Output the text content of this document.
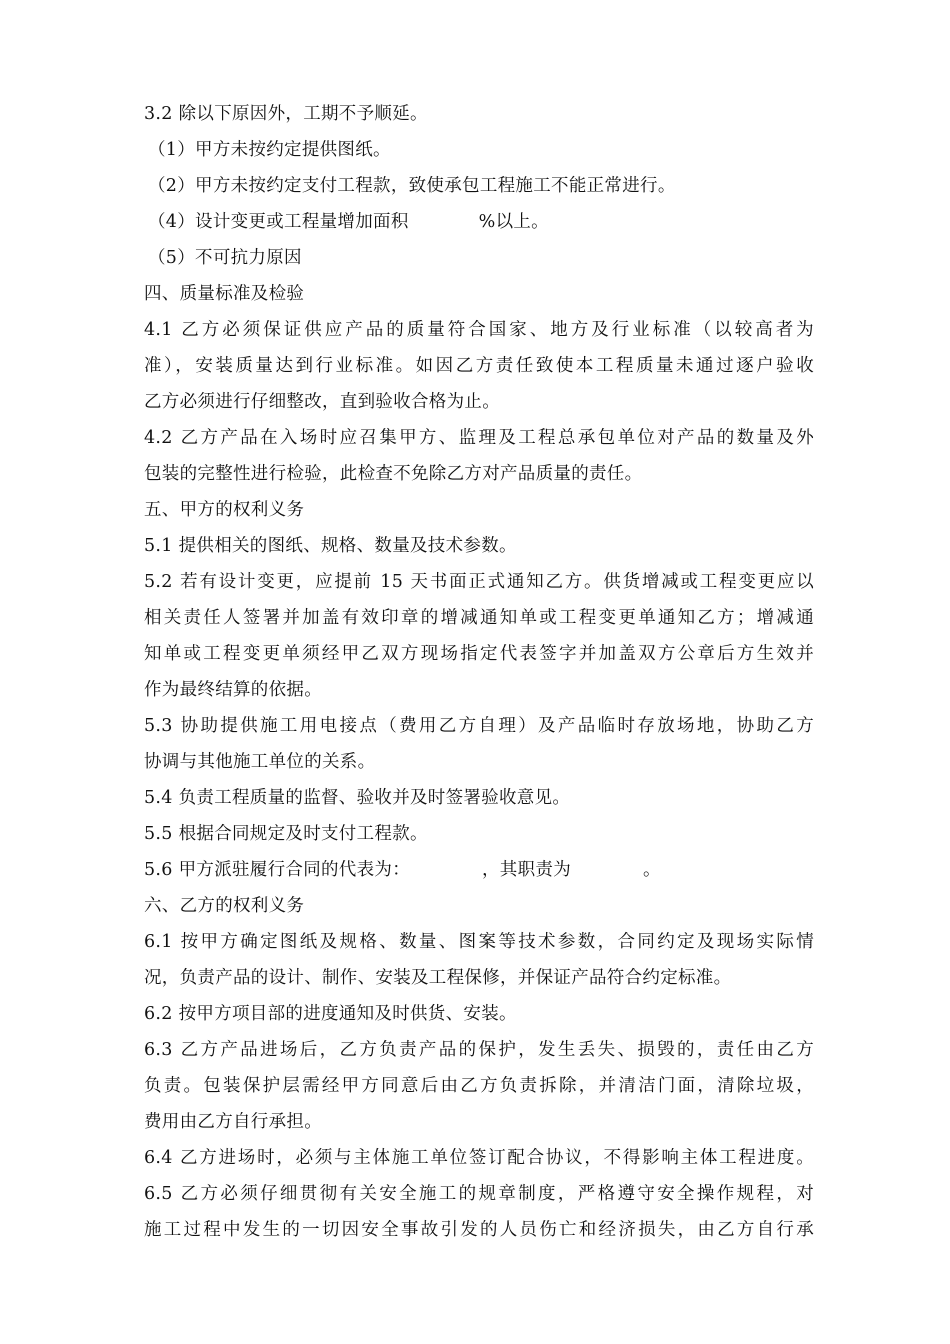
3.2 除以下原因外，工期不予顺延。
（1）甲方未按约定提供图纸。
（2）甲方未按约定支付工程款，致使承包工程施工不能正常进行。
（4）设计变更或工程量增加面积	%以上。
（5）不可抗力原因
四、质量标准及检验
4.1 乙方必须保证供应产品的质量符合国家、地方及行业标准（以较高者为
准），安装质量达到行业标准。如因乙方责任致使本工程质量未通过逐户验收
乙方必须进行仔细整改，直到验收合格为止。
4.2 乙方产品在入场时应召集甲方、监理及工程总承包单位对产品的数量及外
包装的完整性进行检验，此检查不免除乙方对产品质量的责任。
五、甲方的权利义务
5.1 提供相关的图纸、规格、数量及技术参数。
5.2 若有设计变更，应提前 15 天书面正式通知乙方。供货增减或工程变更应以
相关责任人签署并加盖有效印章的增减通知单或工程变更单通知乙方；增减通
知单或工程变更单须经甲乙双方现场指定代表签字并加盖双方公章后方生效并
作为最终结算的依据。
5.3 协助提供施工用电接点（费用乙方自理）及产品临时存放场地，协助乙方
协调与其他施工单位的关系。
5.4 负责工程质量的监督、验收并及时签署验收意见。
5.5 根据合同规定及时支付工程款。
5.6 甲方派驻履行合同的代表为：	，其职责为	。
六、乙方的权利义务
6.1 按甲方确定图纸及规格、数量、图案等技术参数，合同约定及现场实际情
况，负责产品的设计、制作、安装及工程保修，并保证产品符合约定标准。
6.2 按甲方项目部的进度通知及时供货、安装。
6.3 乙方产品进场后，乙方负责产品的保护，发生丢失、损毁的，责任由乙方
负责。包装保护层需经甲方同意后由乙方负责拆除，并清洁门面，清除垃圾，
费用由乙方自行承担。
6.4 乙方进场时，必须与主体施工单位签订配合协议，不得影响主体工程进度。
6.5 乙方必须仔细贯彻有关安全施工的规章制度，严格遵守安全操作规程，对
施工过程中发生的一切因安全事故引发的人员伤亡和经济损失，由乙方自行承
